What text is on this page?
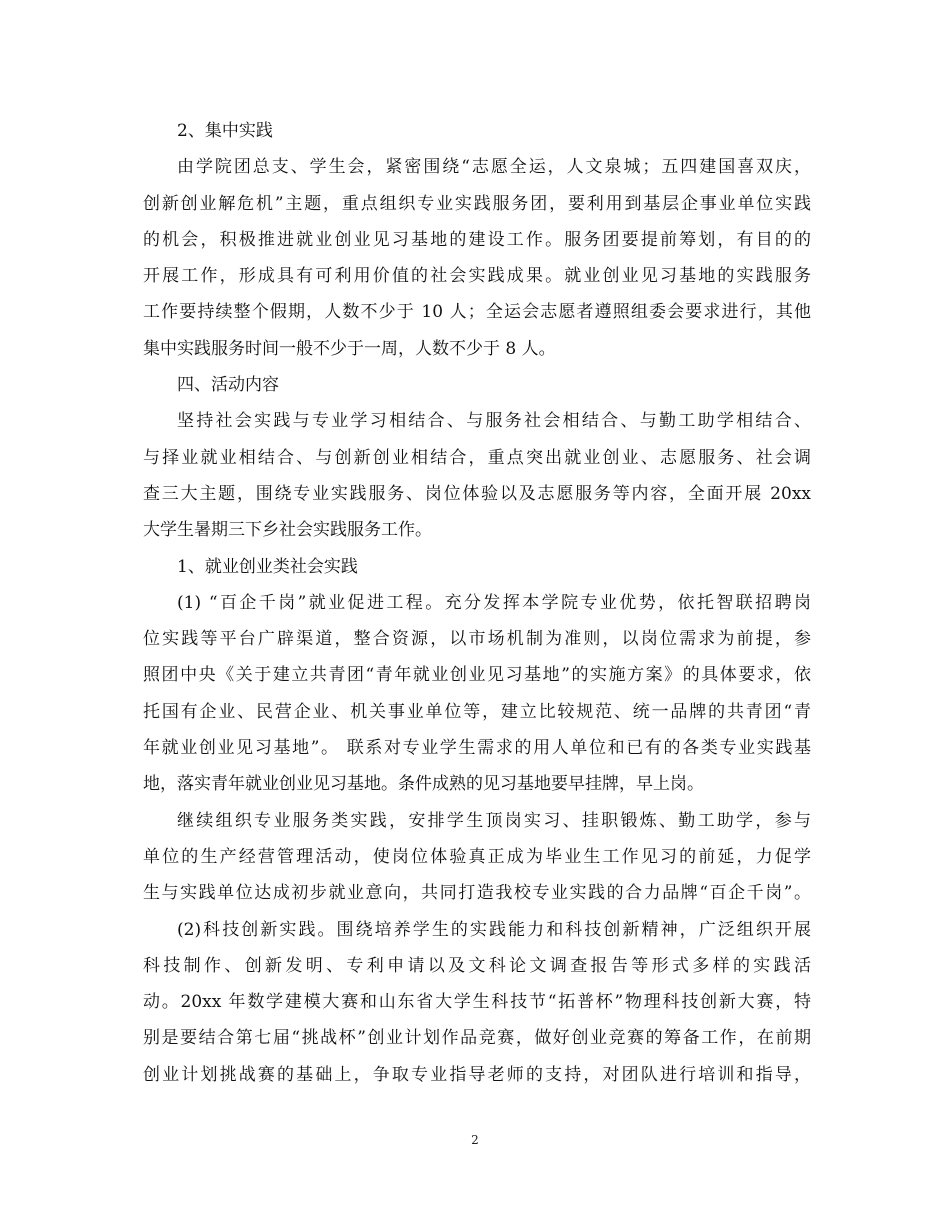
2、集中实践
由学院团总支、学生会，紧密围绕“志愿全运，人文泉城；五四建国喜双庆，
创新创业解危机”主题，重点组织专业实践服务团，要利用到基层企事业单位实践
的机会，积极推进就业创业见习基地的建设工作。服务团要提前筹划，有目的的
开展工作，形成具有可利用价值的社会实践成果。就业创业见习基地的实践服务
工作要持续整个假期，人数不少于 10 人；全运会志愿者遵照组委会要求进行，其他
集中实践服务时间一般不少于一周，人数不少于 8 人。
四、活动内容
坚持社会实践与专业学习相结合、与服务社会相结合、与勤工助学相结合、
与择业就业相结合、与创新创业相结合，重点突出就业创业、志愿服务、社会调
查三大主题，围绕专业实践服务、岗位体验以及志愿服务等内容，全面开展 20xx
大学生暑期三下乡社会实践服务工作。
1、就业创业类社会实践
(1) “百企千岗”就业促进工程。充分发挥本学院专业优势，依托智联招聘岗
位实践等平台广辟渠道，整合资源，以市场机制为准则，以岗位需求为前提，参
照团中央《关于建立共青团“青年就业创业见习基地”的实施方案》的具体要求，依
托国有企业、民营企业、机关事业单位等，建立比较规范、统一品牌的共青团“青
年就业创业见习基地”。 联系对专业学生需求的用人单位和已有的各类专业实践基
地，落实青年就业创业见习基地。条件成熟的见习基地要早挂牌，早上岗。
继续组织专业服务类实践，安排学生顶岗实习、挂职锻炼、勤工助学，参与
单位的生产经营管理活动，使岗位体验真正成为毕业生工作见习的前延，力促学
生与实践单位达成初步就业意向，共同打造我校专业实践的合力品牌“百企千岗”。
(2)科技创新实践。围绕培养学生的实践能力和科技创新精神，广泛组织开展
科技制作、创新发明、专利申请以及文科论文调查报告等形式多样的实践活
动。20xx 年数学建模大赛和山东省大学生科技节“拓普杯”物理科技创新大赛，特
别是要结合第七届“挑战杯”创业计划作品竞赛，做好创业竞赛的筹备工作，在前期
创业计划挑战赛的基础上，争取专业指导老师的支持，对团队进行培训和指导，
2
